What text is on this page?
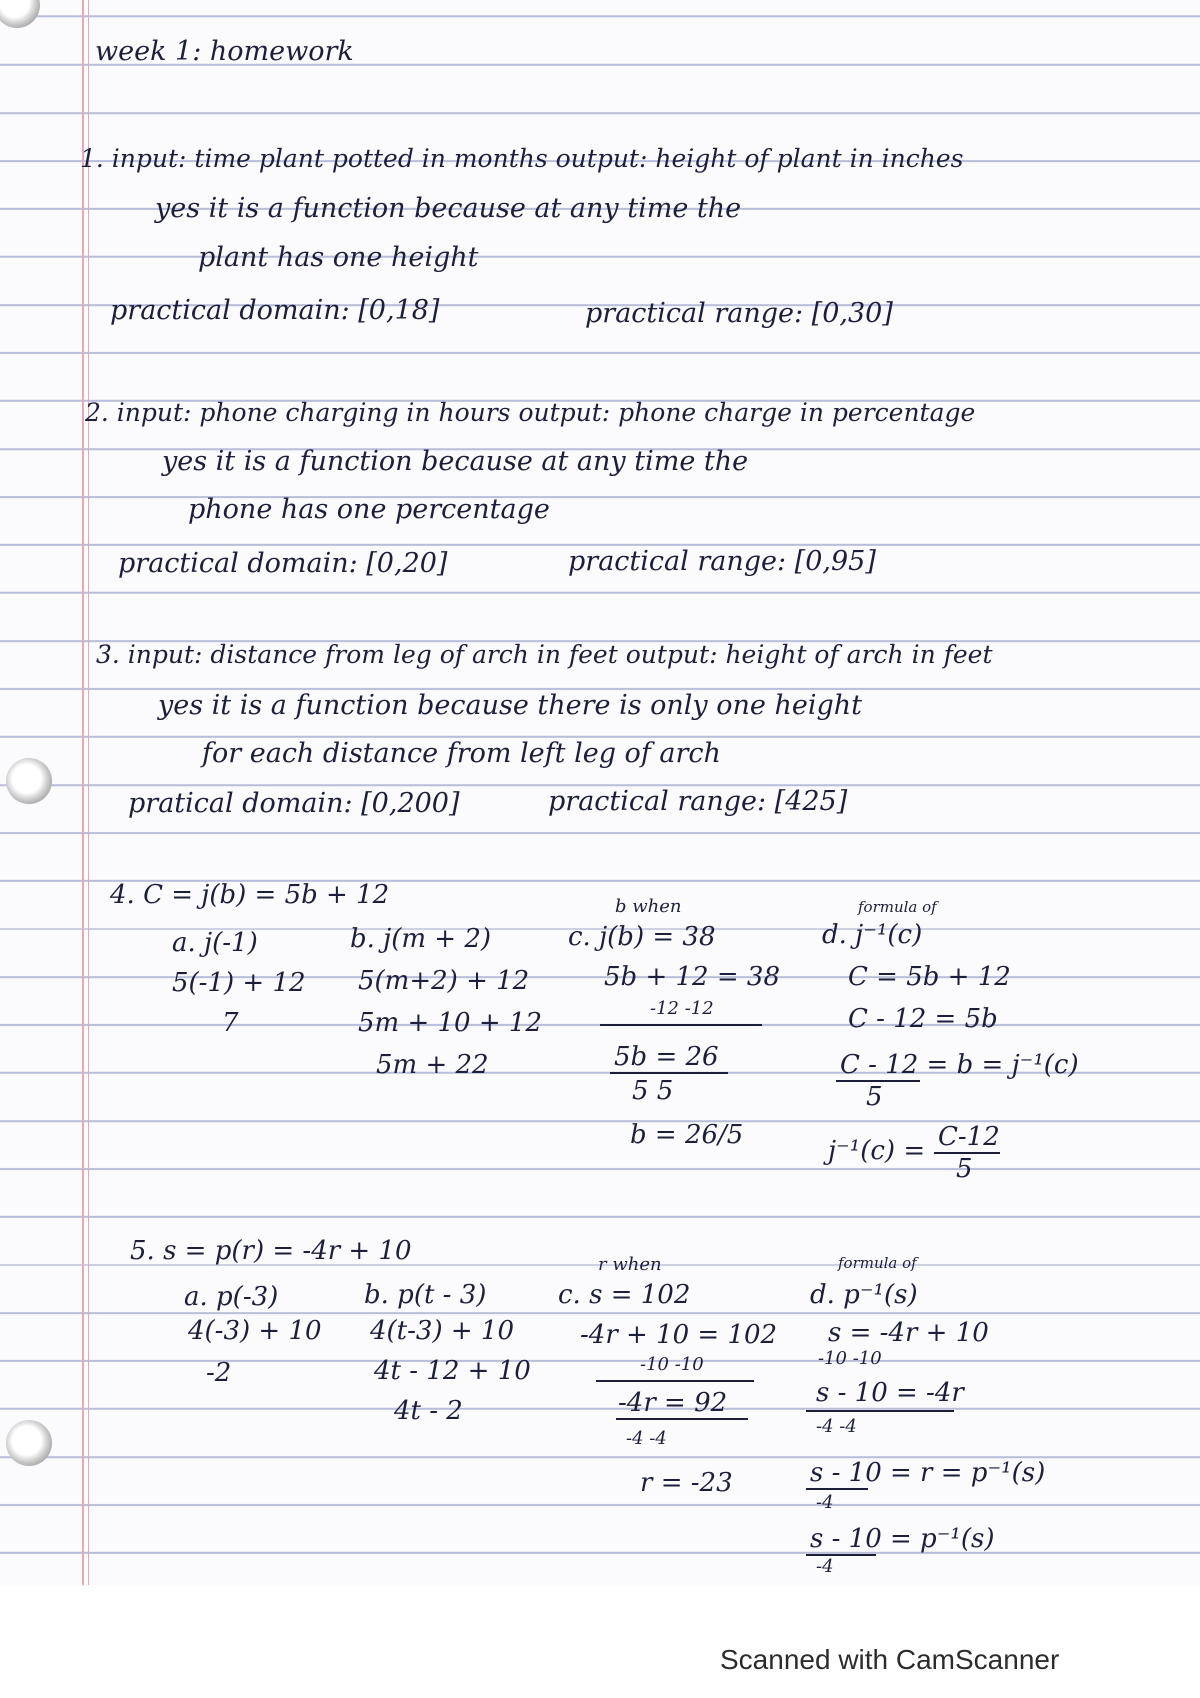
week 1: homework
1. input: time plant potted in months output: height of plant in inches
yes it is a function because at any time the
plant has one height
practical domain: [0,18]	practical range: [0,30]
2. input: phone charging in hours output: phone charge in percentage
yes it is a function because at any time the
phone has one percentage
practical domain: [0,20]	practical range: [0,95]
3. input: distance from leg of arch in feet output: height of arch in feet
yes it is a function because there is only one height
for each distance from left leg of arch
pratical domain: [0,200]	practical range: [425]
4. C = j(b) = 5b + 12
a. j(-1)
5(-1) + 12
7
b. j(m + 2)
5(m+2) + 12
5m + 10 + 12
5m + 22
b when
c. j(b) = 38
5b + 12 = 38
-12 -12
5b = 26
5 5
b = 26/5
formula of
d. j⁻¹(c)
C = 5b + 12
C - 12 = 5b
C - 12 = b = j⁻¹(c)
5
j⁻¹(c) = C-12
5
5. s = p(r) = -4r + 10
a. p(-3)
4(-3) + 10
-2
b. p(t - 3)
4(t-3) + 10
4t - 12 + 10
4t - 2
r when
c. s = 102
-4r + 10 = 102
-10 -10
-4r = 92
-4 -4
r = -23
formula of
d. p⁻¹(s)
s = -4r + 10
-10 -10
s - 10 = -4r
-4 -4
s - 10 = r = p⁻¹(s)
-4
s - 10 = p⁻¹(s)
-4
Scanned with CamScanner
